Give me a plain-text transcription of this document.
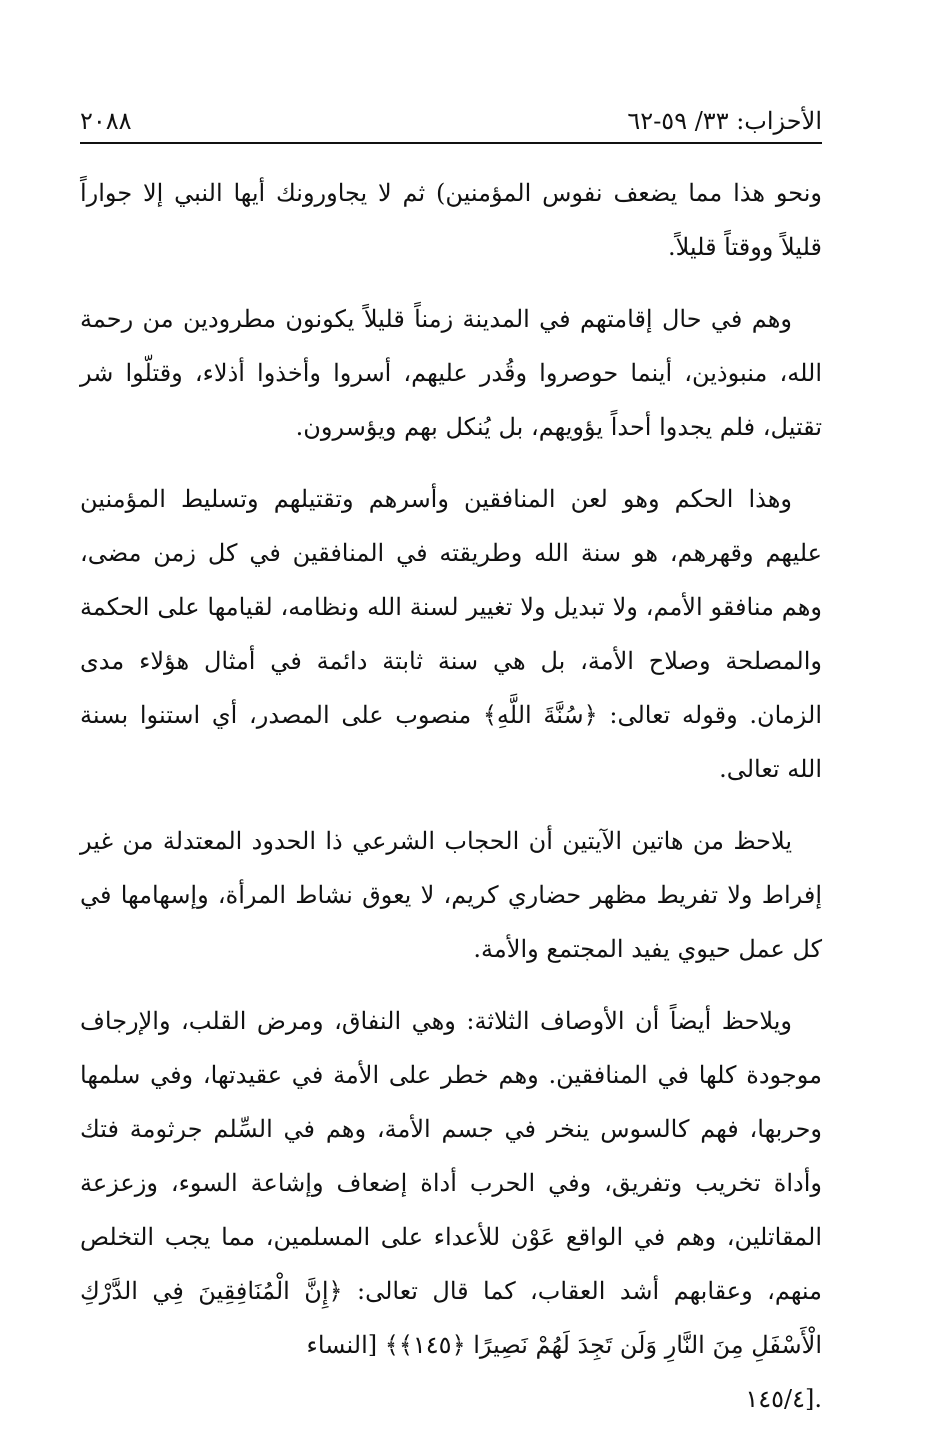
الأحزاب: ٣٣/ ٥٩-٦٢
٢٠٨٨

ونحو هذا مما يضعف نفوس المؤمنين) ثم لا يجاورونك أيها النبي إلا جواراً قليلاً ووقتاً قليلاً.

وهم في حال إقامتهم في المدينة زمناً قليلاً يكونون مطرودين من رحمة الله، منبوذين، أينما حوصروا وقُدر عليهم، أسروا وأخذوا أذلاء، وقتلّوا شر تقتيل، فلم يجدوا أحداً يؤويهم، بل يُنكل بهم ويؤسرون.

وهذا الحكم وهو لعن المنافقين وأسرهم وتقتيلهم وتسليط المؤمنين عليهم وقهرهم، هو سنة الله وطريقته في المنافقين في كل زمن مضى، وهم منافقو الأمم، ولا تبديل ولا تغيير لسنة الله ونظامه، لقيامها على الحكمة والمصلحة وصلاح الأمة، بل هي سنة ثابتة دائمة في أمثال هؤلاء مدى الزمان. وقوله تعالى: ﴿سُنَّةَ اللَّهِ﴾ منصوب على المصدر، أي استنوا بسنة الله تعالى.

يلاحظ من هاتين الآيتين أن الحجاب الشرعي ذا الحدود المعتدلة من غير إفراط ولا تفريط مظهر حضاري كريم، لا يعوق نشاط المرأة، وإسهامها في كل عمل حيوي يفيد المجتمع والأمة.

ويلاحظ أيضاً أن الأوصاف الثلاثة: وهي النفاق، ومرض القلب، والإرجاف موجودة كلها في المنافقين. وهم خطر على الأمة في عقيدتها، وفي سلمها وحربها، فهم كالسوس ينخر في جسم الأمة، وهم في السِّلم جرثومة فتك وأداة تخريب وتفريق، وفي الحرب أداة إضعاف وإشاعة السوء، وزعزعة المقاتلين، وهم في الواقع عَوْن للأعداء على المسلمين، مما يجب التخلص منهم، وعقابهم أشد العقاب، كما قال تعالى: ﴿إِنَّ الْمُنَافِقِينَ فِي الدَّرْكِ الْأَسْفَلِ مِنَ النَّارِ وَلَن تَجِدَ لَهُمْ نَصِيرًا ﴿١٤٥﴾﴾ [النساء
.[١٤٥/٤
